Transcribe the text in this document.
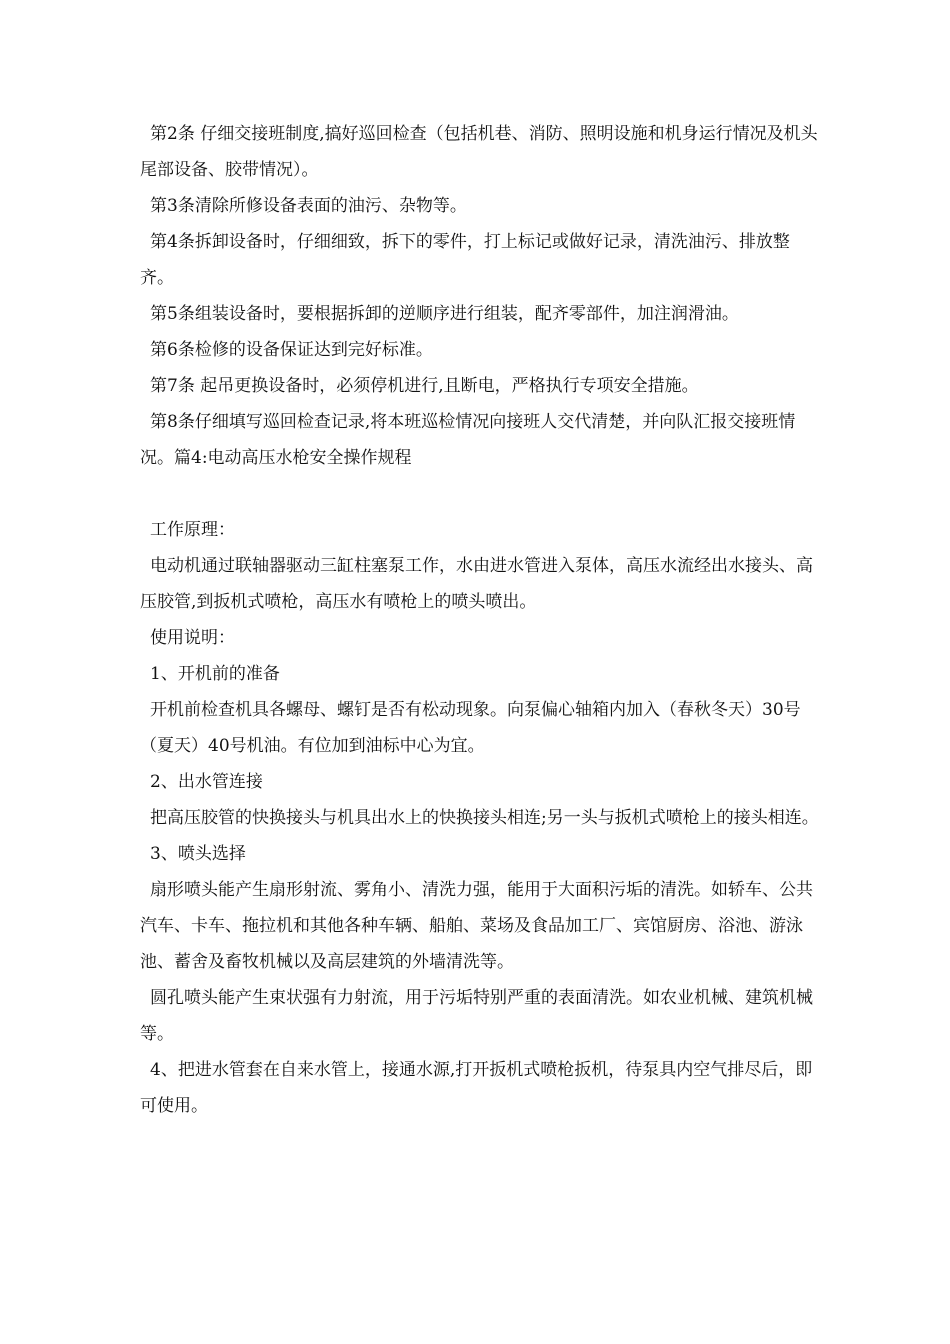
第2条 仔细交接班制度,搞好巡回检查（包括机巷、消防、照明设施和机身运行情况及机头尾部设备、胶带情况）。

第3条清除所修设备表面的油污、杂物等。

第4条拆卸设备时，仔细细致，拆下的零件，打上标记或做好记录，清洗油污、排放整齐。

第5条组装设备时，要根据拆卸的逆顺序进行组装，配齐零部件，加注润滑油。

第6条检修的设备保证达到完好标准。

第7条 起吊更换设备时，必须停机进行,且断电，严格执行专项安全措施。

第8条仔细填写巡回检查记录,将本班巡检情况向接班人交代清楚，并向队汇报交接班情况。篇4:电动高压水枪安全操作规程

工作原理：

电动机通过联轴器驱动三缸柱塞泵工作，水由进水管进入泵体，高压水流经出水接头、高压胶管,到扳机式喷枪，高压水有喷枪上的喷头喷出。

使用说明：

1、开机前的准备

开机前检查机具各螺母、螺钉是否有松动现象。向泵偏心轴箱内加入（春秋冬天）30号（夏天）40号机油。有位加到油标中心为宜。

2、出水管连接

把高压胶管的快换接头与机具出水上的快换接头相连;另一头与扳机式喷枪上的接头相连。

3、喷头选择

扇形喷头能产生扇形射流、雾角小、清洗力强，能用于大面积污垢的清洗。如轿车、公共汽车、卡车、拖拉机和其他各种车辆、船舶、菜场及食品加工厂、宾馆厨房、浴池、游泳池、蓄舍及畜牧机械以及高层建筑的外墙清洗等。

圆孔喷头能产生束状强有力射流，用于污垢特别严重的表面清洗。如农业机械、建筑机械等。

4、把进水管套在自来水管上，接通水源,打开扳机式喷枪扳机，待泵具内空气排尽后，即可使用。
